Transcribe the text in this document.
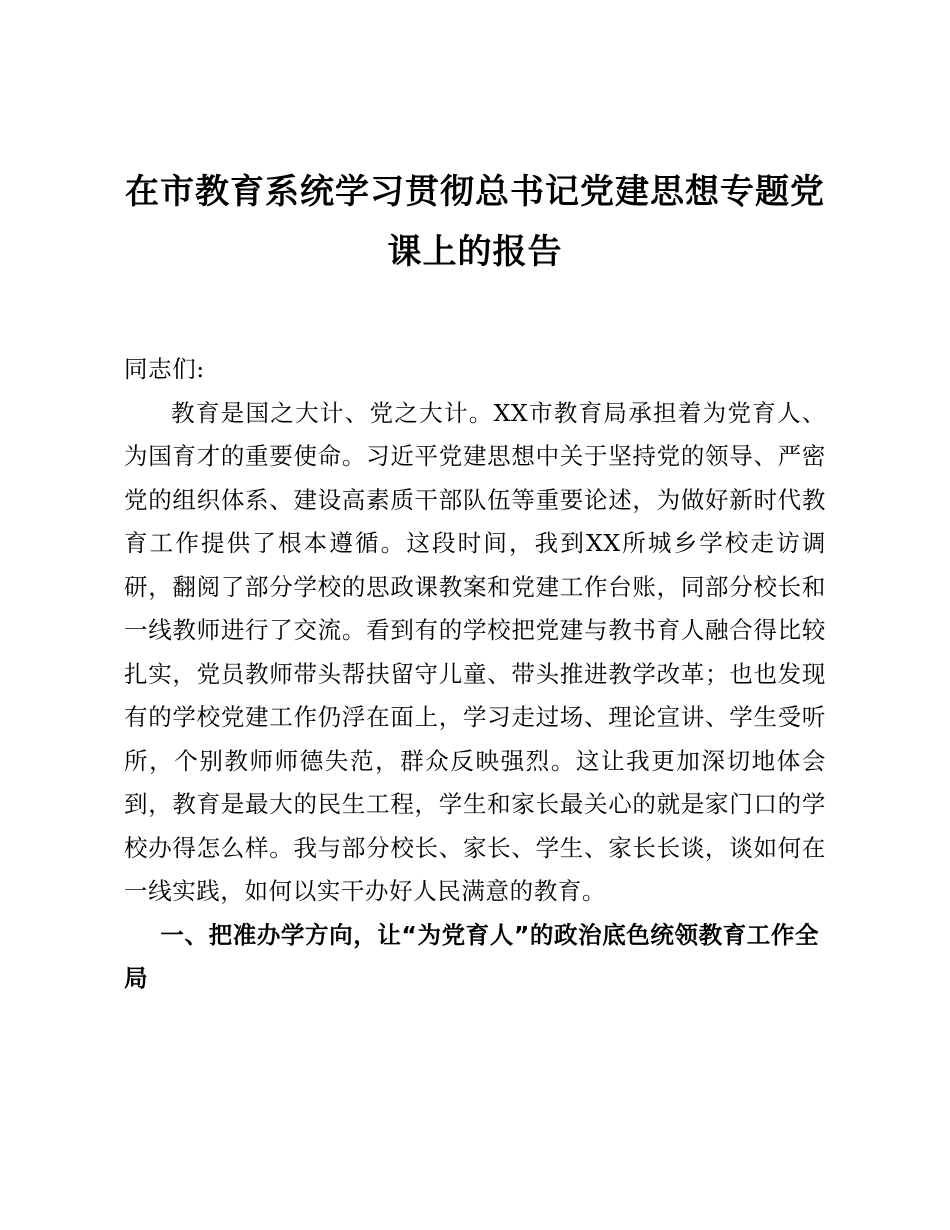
在市教育系统学习贯彻总书记党建思想专题党课上的报告

同志们:

教育是国之大计、党之大计。XX市教育局承担着为党育人、为国育才的重要使命。习近平党建思想中关于坚持党的领导、严密党的组织体系、建设高素质干部队伍等重要论述，为做好新时代教育工作提供了根本遵循。这段时间，我到XX所城乡学校走访调研，翻阅了部分学校的思政课教案和党建工作台账，同部分校长和一线教师进行了交流。看到有的学校把党建与教书育人融合得比较扎实，党员教师带头帮扶留守儿童、带头推进教学改革；也也发现有的学校党建工作仍浮在面上，学习走过场、理论宣讲、学生受听所，个别教师师德失范，群众反映强烈。这让我更加深切地体会到，教育是最大的民生工程，学生和家长最关心的就是家门口的学校办得怎么样。我与部分校长、家长、学生、家长长谈，谈如何在一线实践，如何以实干办好人民满意的教育。

一、把准办学方向，让“为党育人”的政治底色统领教育工作全局
